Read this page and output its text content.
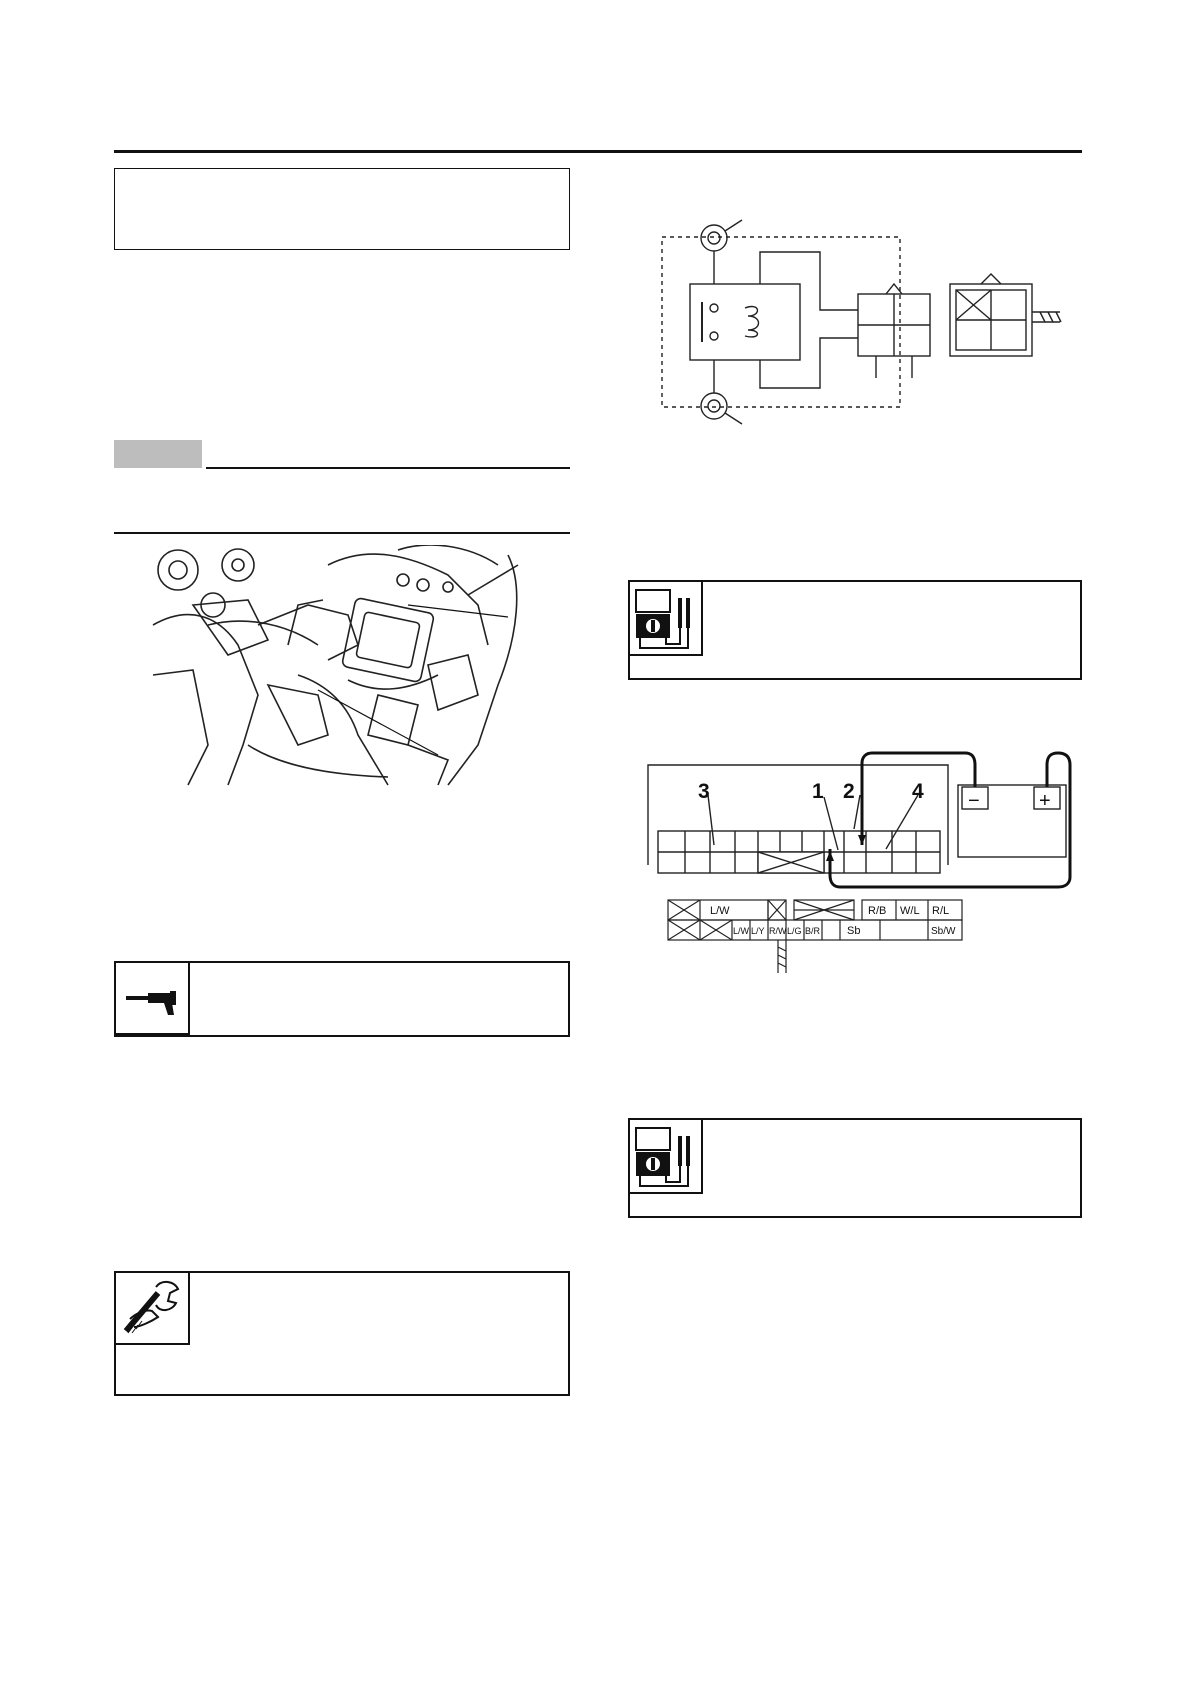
3	1 2	4 −	+
L/W	R/B W/L R/L
L/W L/Y R/W L/G B/R Sb	Sb/W
